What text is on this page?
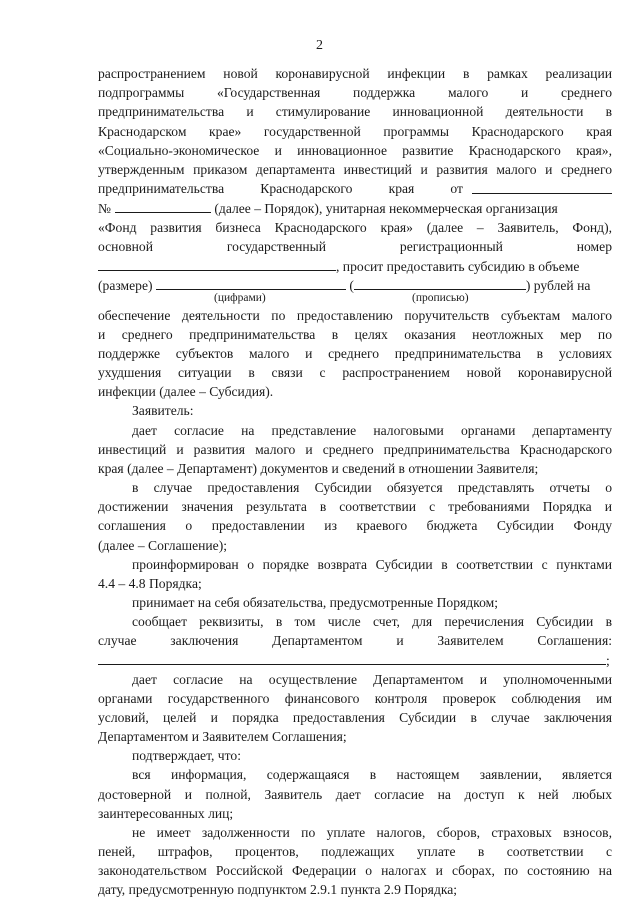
2
распространением новой коронавирусной инфекции в рамках реализации
подпрограммы «Государственная поддержка малого и среднего
предпринимательства и стимулирование инновационной деятельности в
Краснодарском крае» государственной программы Краснодарского края
«Социально-экономическое и инновационное развитие Краснодарского края»,
утвержденным приказом департамента инвестиций и развития малого и среднего
предпринимательства Краснодарского края от
№	(далее – Порядок), унитарная некоммерческая организация
«Фонд развития бизнеса Краснодарского края» (далее – Заявитель, Фонд),
основной государственный регистрационный номер
, просит предоставить субсидию в объеме
(размере)	(	) рублей на
(цифрами)	(прописью)
обеспечение деятельности по предоставлению поручительств субъектам малого
и среднего предпринимательства в целях оказания неотложных мер по
поддержке субъектов малого и среднего предпринимательства в условиях
ухудшения ситуации в связи с распространением новой коронавирусной
инфекции (далее – Субсидия).
Заявитель:
дает согласие на представление налоговыми органами департаменту
инвестиций и развития малого и среднего предпринимательства Краснодарского
края (далее – Департамент) документов и сведений в отношении Заявителя;
в случае предоставления Субсидии обязуется представлять отчеты о
достижении значения результата в соответствии с требованиями Порядка и
соглашения о предоставлении из краевого бюджета Субсидии Фонду
(далее – Соглашение);
проинформирован о порядке возврата Субсидии в соответствии с пунктами
4.4 – 4.8 Порядка;
принимает на себя обязательства, предусмотренные Порядком;
сообщает реквизиты, в том числе счет, для перечисления Субсидии в
случае заключения Департаментом и Заявителем Соглашения:
;
дает согласие на осуществление Департаментом и уполномоченными
органами государственного финансового контроля проверок соблюдения им
условий, целей и порядка предоставления Субсидии в случае заключения
Департаментом и Заявителем Соглашения;
подтверждает, что:
вся информация, содержащаяся в настоящем заявлении, является
достоверной и полной, Заявитель дает согласие на доступ к ней любых
заинтересованных лиц;
не имеет задолженности по уплате налогов, сборов, страховых взносов,
пеней, штрафов, процентов, подлежащих уплате в соответствии с
законодательством Российской Федерации о налогах и сборах, по состоянию на
дату, предусмотренную подпунктом 2.9.1 пункта 2.9 Порядка;
